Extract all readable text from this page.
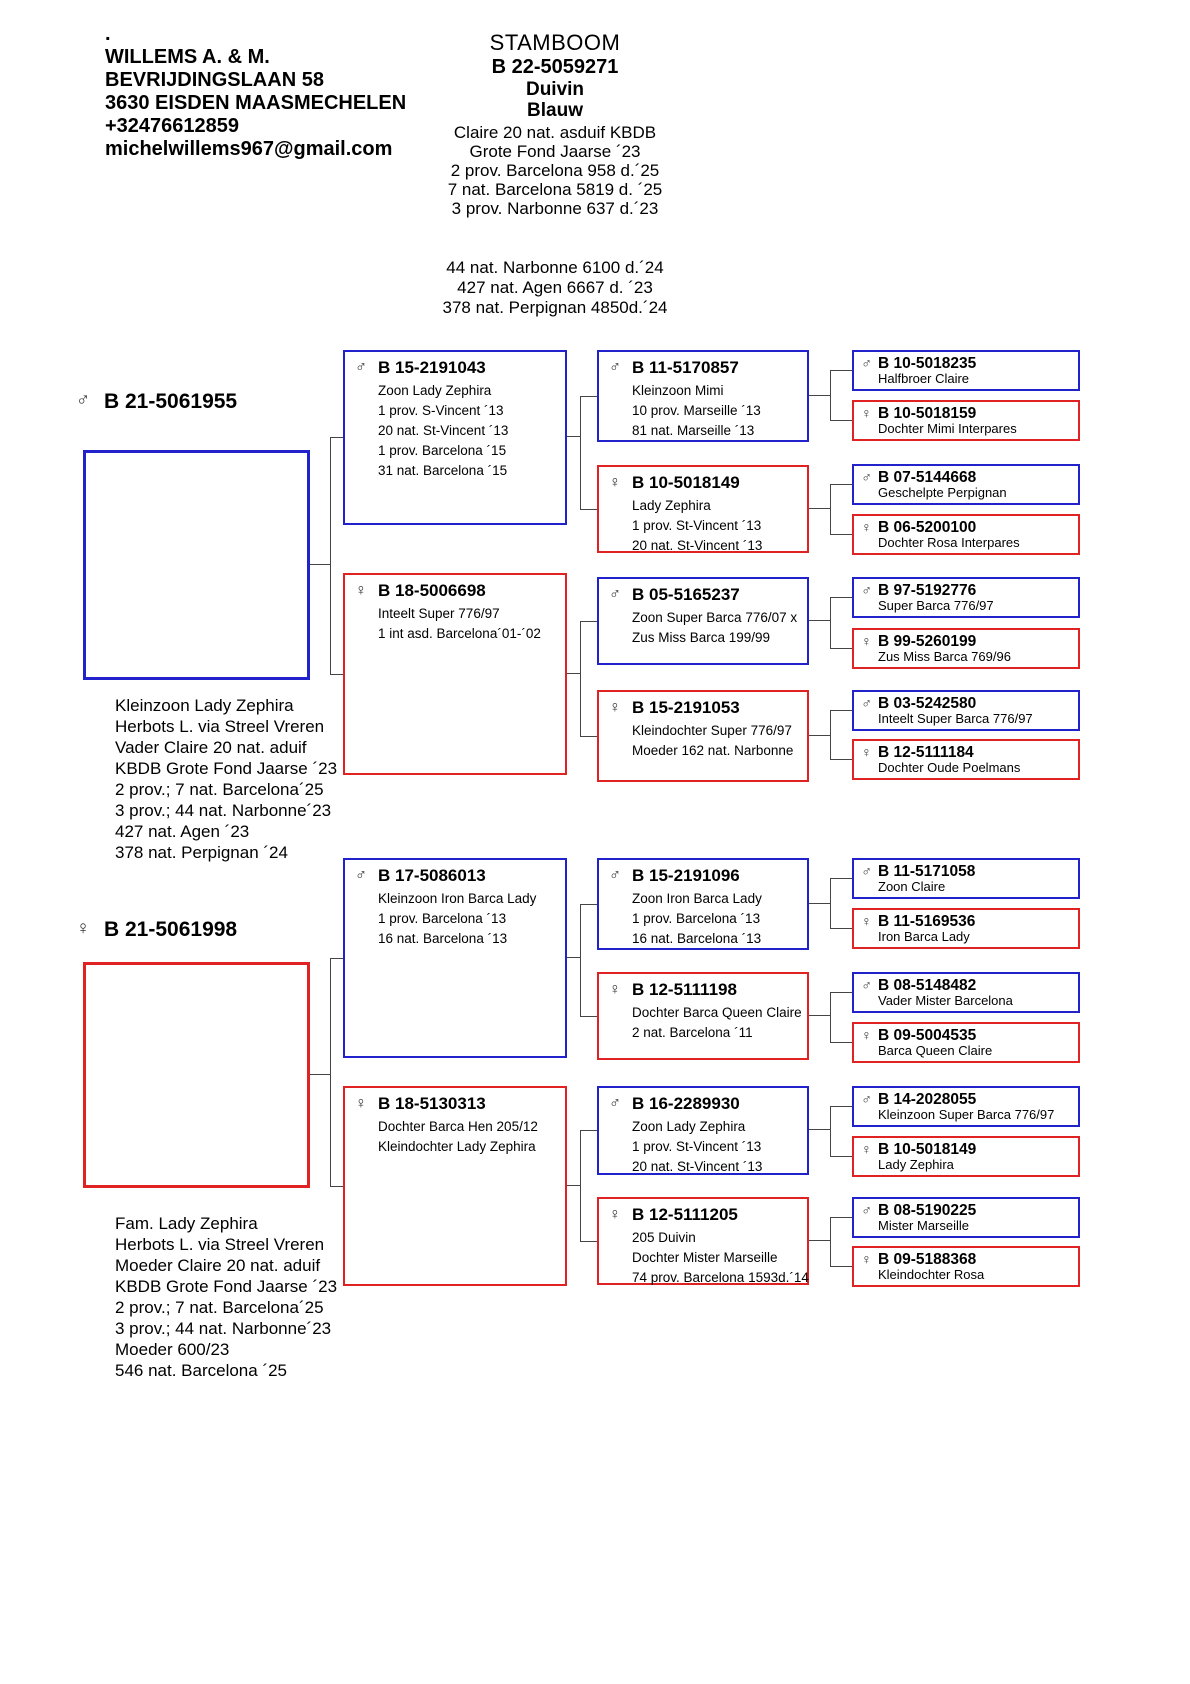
.
WILLEMS A. & M.
BEVRIJDINGSLAAN 58
3630 EISDEN MAASMECHELEN
+32476612859
michelwillems967@gmail.com
STAMBOOM
B 22-5059271
Duivin
Blauw
Claire 20 nat. asduif KBDB
Grote Fond Jaarse ´23
2 prov. Barcelona 958 d.´25
7 nat. Barcelona 5819 d. ´25
3 prov. Narbonne 637 d.´23
44 nat. Narbonne 6100 d.´24
427 nat. Agen 6667 d. ´23
378 nat. Perpignan 4850d.´24
♂ B 21-5061955
Kleinzoon Lady Zephira
Herbots L. via Streel Vreren
Vader Claire 20 nat. aduif
KBDB Grote Fond Jaarse ´23
2 prov.; 7 nat. Barcelona´25
3 prov.; 44 nat. Narbonne´23
427 nat. Agen ´23
378 nat. Perpignan ´24
♀ B 21-5061998
Fam. Lady Zephira
Herbots L. via Streel Vreren
Moeder Claire 20 nat. aduif
KBDB Grote Fond Jaarse ´23
2 prov.; 7 nat. Barcelona´25
3 prov.; 44 nat. Narbonne´23
Moeder 600/23
546 nat. Barcelona ´25
♂ B 15-2191043
Zoon Lady Zephira
1 prov. S-Vincent ´13
20 nat. St-Vincent ´13
1 prov. Barcelona ´15
31 nat. Barcelona ´15
♀ B 18-5006698
Inteelt Super 776/97
1 int asd. Barcelona´01-´02
♂ B 17-5086013
Kleinzoon Iron Barca Lady
1 prov. Barcelona ´13
16 nat. Barcelona ´13
♀ B 18-5130313
Dochter Barca Hen 205/12
Kleindochter Lady Zephira
♂ B 11-5170857
Kleinzoon Mimi
10 prov. Marseille ´13
81 nat. Marseille ´13
♀ B 10-5018149
Lady Zephira
1 prov. St-Vincent ´13
20 nat. St-Vincent ´13
♂ B 05-5165237
Zoon Super Barca 776/07 x
Zus Miss Barca 199/99
♀ B 15-2191053
Kleindochter Super 776/97
Moeder 162 nat. Narbonne
♂ B 15-2191096
Zoon Iron Barca Lady
1 prov. Barcelona ´13
16 nat. Barcelona ´13
♀ B 12-5111198
Dochter Barca Queen Claire
2 nat. Barcelona ´11
♂ B 16-2289930
Zoon Lady Zephira
1 prov. St-Vincent ´13
20 nat. St-Vincent ´13
♀ B 12-5111205
205 Duivin
Dochter Mister Marseille
74 prov. Barcelona 1593d.´14
♂ B 10-5018235
Halfbroer Claire
♀ B 10-5018159
Dochter Mimi Interpares
♂ B 07-5144668
Geschelpte Perpignan
♀ B 06-5200100
Dochter Rosa Interpares
♂ B 97-5192776
Super Barca 776/97
♀ B 99-5260199
Zus Miss Barca 769/96
♂ B 03-5242580
Inteelt Super Barca 776/97
♀ B 12-5111184
Dochter Oude Poelmans
♂ B 11-5171058
Zoon Claire
♀ B 11-5169536
Iron Barca Lady
♂ B 08-5148482
Vader Mister Barcelona
♀ B 09-5004535
Barca Queen Claire
♂ B 14-2028055
Kleinzoon Super Barca 776/97
♀ B 10-5018149
Lady Zephira
♂ B 08-5190225
Mister Marseille
♀ B 09-5188368
Kleindochter Rosa
